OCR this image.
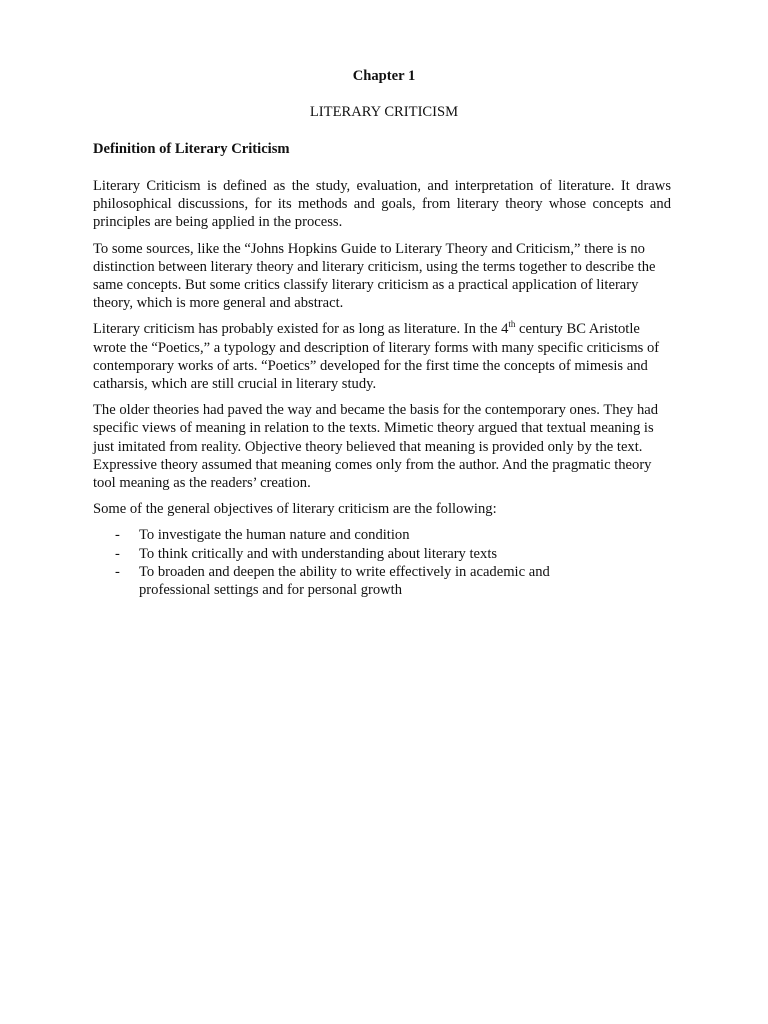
Chapter 1
LITERARY CRITICISM
Definition of Literary Criticism

Literary Criticism is defined as the study, evaluation, and interpretation of literature. It draws philosophical discussions, for its methods and goals, from literary theory whose concepts and principles are being applied in the process.

To some sources, like the “Johns Hopkins Guide to Literary Theory and Criticism,” there is no distinction between literary theory and literary criticism, using the terms together to describe the same concepts. But some critics classify literary criticism as a practical application of literary theory, which is more general and abstract.

Literary criticism has probably existed for as long as literature. In the 4th century BC Aristotle wrote the “Poetics,” a typology and description of literary forms with many specific criticisms of contemporary works of arts. “Poetics” developed for the first time the concepts of mimesis and catharsis, which are still crucial in literary study.

The older theories had paved the way and became the basis for the contemporary ones. They had specific views of meaning in relation to the texts. Mimetic theory argued that textual meaning is just imitated from reality. Objective theory believed that meaning is provided only by the text. Expressive theory assumed that meaning comes only from the author. And the pragmatic theory tool meaning as the readers’ creation.

Some of the general objectives of literary criticism are the following:

- To investigate the human nature and condition
- To think critically and with understanding about literary texts
- To broaden and deepen the ability to write effectively in academic and professional settings and for personal growth
